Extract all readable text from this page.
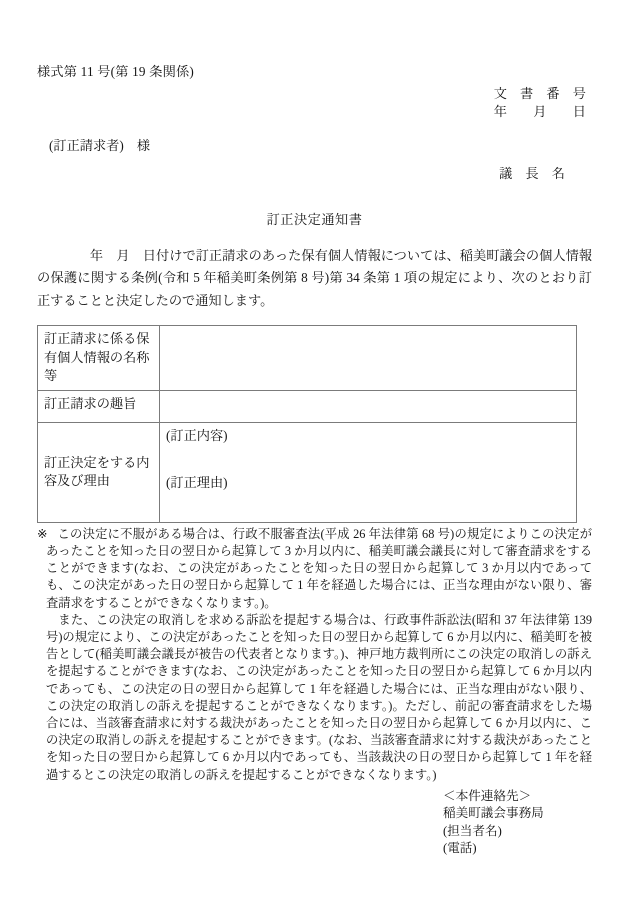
様式第 11 号(第 19 条関係)
文　書　番　号
年　　月　　日
(訂正請求者)　様
議　長　名
訂正決定通知書
　　　　年　月　日付けで訂正請求のあった保有個人情報については、稲美町議会の個人情報の保護に関する条例(令和 5 年稲美町条例第 8 号)第 34 条第 1 項の規定により、次のとおり訂正することと決定したので通知します。
訂正請求に係る保有個人情報の名称等	
訂正請求の趣旨	
訂正決定をする内容及び理由	(訂正内容)
(訂正理由)

※ この決定に不服がある場合は、行政不服審査法(平成 26 年法律第 68 号)の規定によりこの決定があったことを知った日の翌日から起算して 3 か月以内に、稲美町議会議長に対して審査請求をすることができます(なお、この決定があったことを知った日の翌日から起算して 3 か月以内であっても、この決定があった日の翌日から起算して 1 年を経過した場合には、正当な理由がない限り、審査請求をすることができなくなります。)。

また、この決定の取消しを求める訴訟を提起する場合は、行政事件訴訟法(昭和 37 年法律第 139 号)の規定により、この決定があったことを知った日の翌日から起算して 6 か月以内に、稲美町を被告として(稲美町議会議長が被告の代表者となります。)、神戸地方裁判所にこの決定の取消しの訴えを提起することができます(なお、この決定があったことを知った日の翌日から起算して 6 か月以内であっても、この決定の日の翌日から起算して 1 年を経過した場合には、正当な理由がない限り、この決定の取消しの訴えを提起することができなくなります。)。ただし、前記の審査請求をした場合には、当該審査請求に対する裁決があったことを知った日の翌日から起算して 6 か月以内に、この決定の取消しの訴えを提起することができます。(なお、当該審査請求に対する裁決があったことを知った日の翌日から起算して 6 か月以内であっても、当該裁決の日の翌日から起算して 1 年を経過するとこの決定の取消しの訴えを提起することができなくなります。)

＜本件連絡先＞
稲美町議会事務局
(担当者名)
(電話)
